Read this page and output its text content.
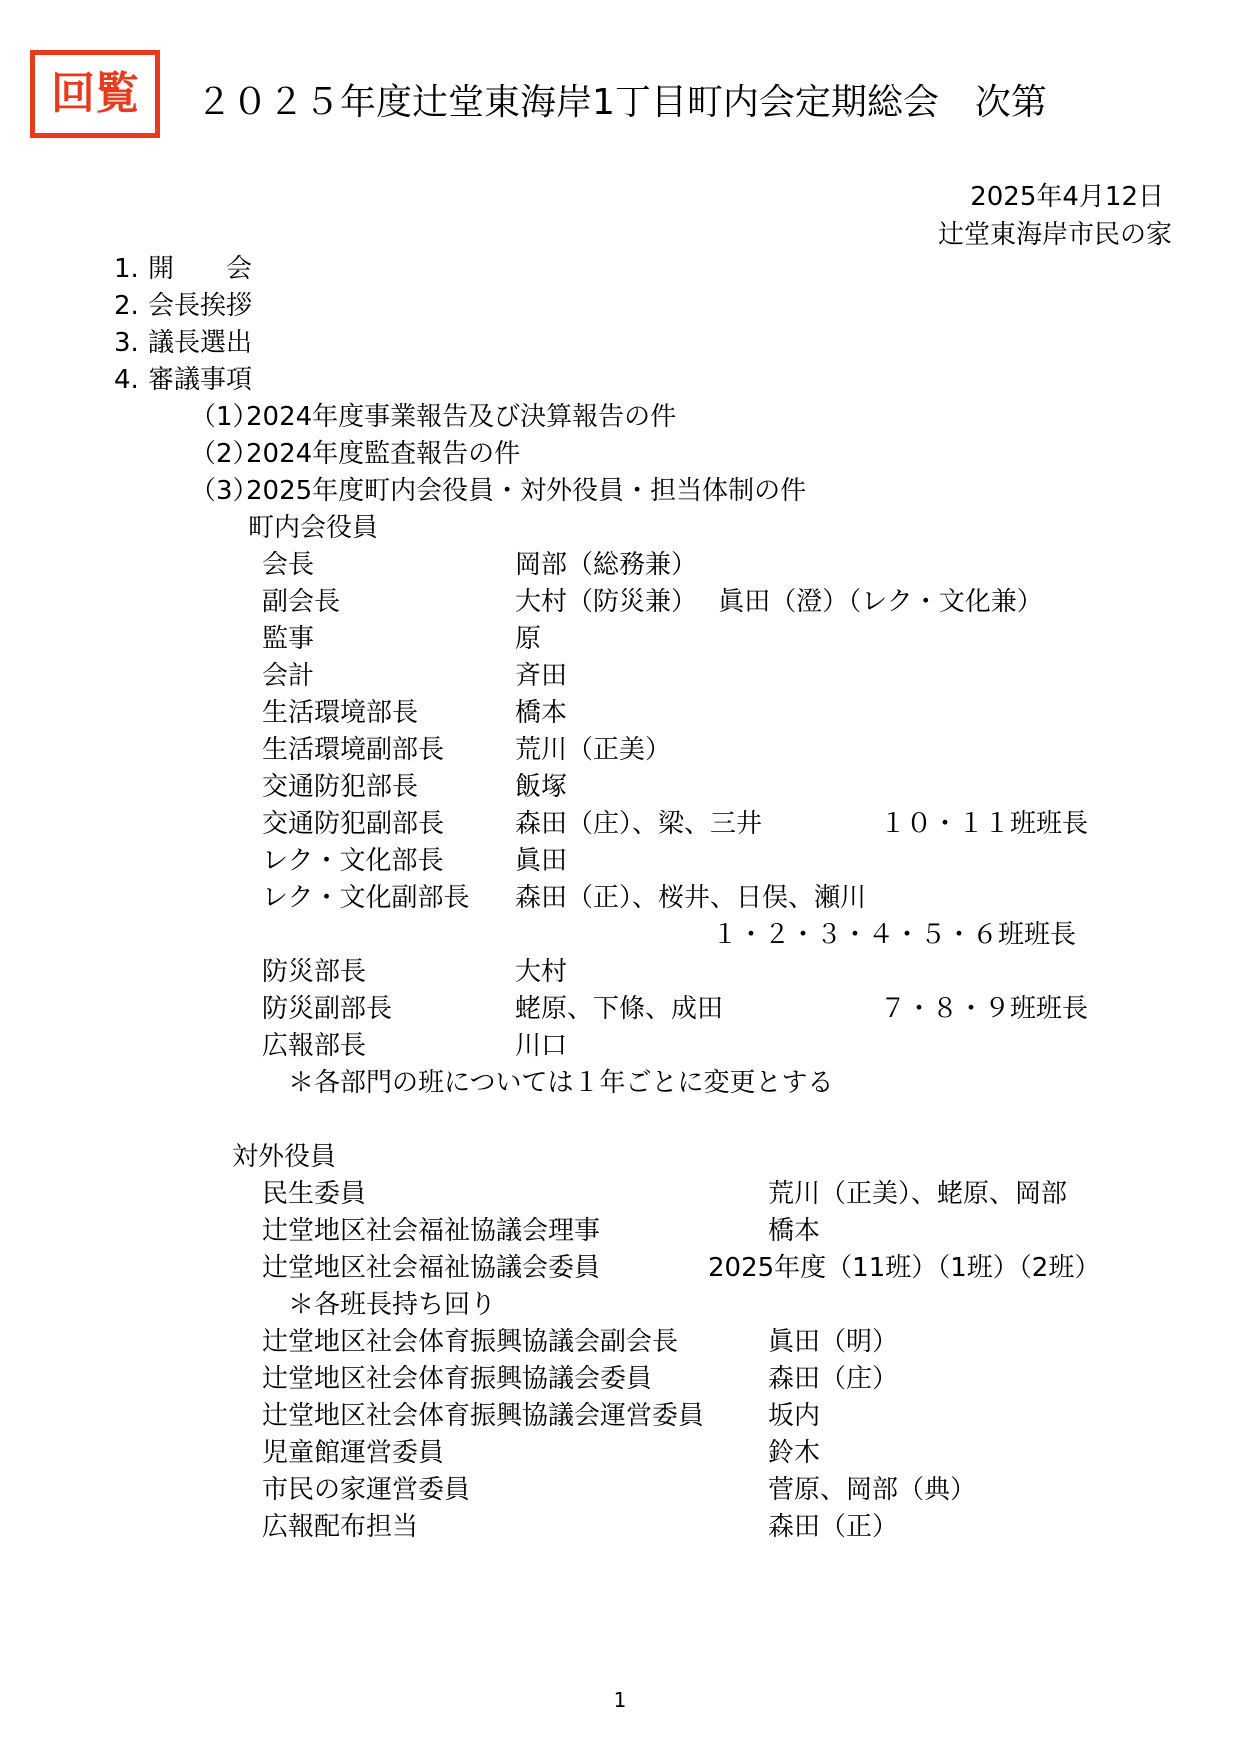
回覧	２０２５年度辻堂東海岸1丁目町内会定期総会　次第
2025年4月12日
辻堂東海岸市民の家
1. 開　　会
2. 会長挨拶
3. 議長選出
4. 審議事項
（1）2024年度事業報告及び決算報告の件
（2）2024年度監査報告の件
（3）2025年度町内会役員・対外役員・担当体制の件
町内会役員
会長	岡部（総務兼）
副会長	大村（防災兼）　 眞田（澄）（レク・文化兼）
監事	原
会計	斉田
生活環境部長	橋本
生活環境副部長	荒川（正美）
交通防犯部長	飯塚
交通防犯副部長	森田（庄）、梁、三井	１０・１１班班長
レク・文化部長	眞田
レク・文化副部長 森田（正）、桜井、日俣、瀬川
１・２・３・４・５・６班班長
防災部長	大村
防災副部長	蛯原、下條、成田	７・８・９班班長
広報部長	川口
＊各部門の班については１年ごとに変更とする
対外役員
民生委員	荒川（正美）、蛯原、岡部
辻堂地区社会福祉協議会理事	橋本
辻堂地区社会福祉協議会委員	2025年度（11班）（1班）（2班）
＊各班長持ち回り
辻堂地区社会体育振興協議会副会長	眞田（明）
辻堂地区社会体育振興協議会委員	森田（庄）
辻堂地区社会体育振興協議会運営委員 坂内
児童館運営委員	鈴木
市民の家運営委員	菅原、岡部（典）
広報配布担当	森田（正）
1
